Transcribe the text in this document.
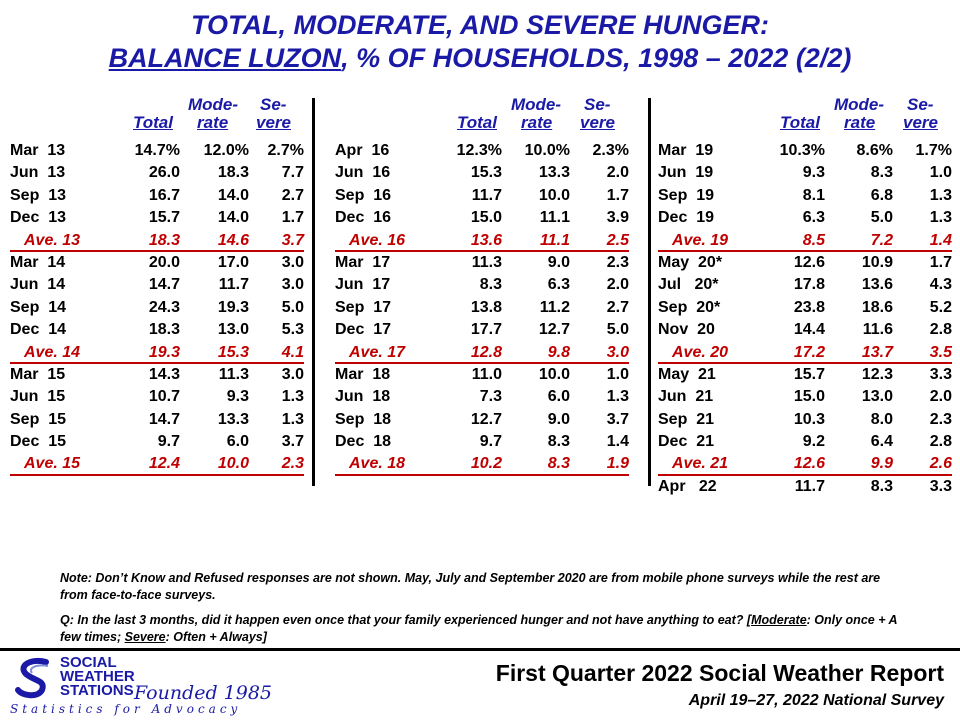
TOTAL, MODERATE, AND SEVERE HUNGER:
BALANCE LUZON, % OF HOUSEHOLDS, 1998 – 2022 (2/2)
Total
Mode-
rate
Se-
vere
Mar  13	14.7% 12.0% 2.7%
Jun  13	26.0 18.3 7.7
Sep  13	16.7 14.0 2.7
Dec  13	15.7 14.0 1.7
Ave. 13	18.3 14.6 3.7
Mar  14	20.0 17.0 3.0
Jun  14	14.7 11.7 3.0
Sep  14	24.3 19.3 5.0
Dec  14	18.3 13.0 5.3
Ave. 14	19.3 15.3 4.1
Mar  15	14.3 11.3 3.0
Jun  15	10.7	9.3 1.3
Sep  15	14.7 13.3 1.3
Dec  15	9.7	6.0 3.7
Ave. 15	12.4 10.0 2.3
Total
Mode-
rate
Se-
vere
Apr  16	12.3% 10.0% 2.3%
Jun  16	15.3 13.3 2.0
Sep  16	11.7 10.0 1.7
Dec  16	15.0 11.1 3.9
Ave. 16	13.6 11.1 2.5
Mar  17	11.3	9.0 2.3
Jun  17	8.3	6.3 2.0
Sep  17	13.8 11.2 2.7
Dec  17	17.7 12.7 5.0
Ave. 17	12.8	9.8 3.0
Mar  18	11.0 10.0 1.0
Jun  18	7.3	6.0 1.3
Sep  18	12.7	9.0 3.7
Dec  18	9.7	8.3 1.4
Ave. 18	10.2	8.3 1.9
Total
Mode-
rate
Se-
vere
Mar  19	10.3% 8.6% 1.7%
Jun  19	9.3	8.3 1.0
Sep  19	8.1	6.8 1.3
Dec  19	6.3	5.0 1.3
Ave. 19	8.5	7.2 1.4
May  20*	12.6 10.9 1.7
Jul   20*	17.8 13.6 4.3
Sep  20*	23.8 18.6 5.2
Nov  20	14.4 11.6 2.8
Ave. 20	17.2 13.7 3.5
May  21	15.7 12.3 3.3
Jun  21	15.0 13.0 2.0
Sep  21	10.3	8.0 2.3
Dec  21	9.2	6.4 2.8
Ave. 21	12.6	9.9 2.6
Apr   22	11.7	8.3 3.3
Note: Don’t Know and Refused responses are not shown. May, July and September 2020 are from mobile phone surveys while the rest are from face-to-face surveys.
Q: In the last 3 months, did it happen even once that your family experienced hunger and not have anything to eat? [Moderate: Only once + A few times; Severe: Often + Always]
SOCIAL
WEATHER
STATIONS Founded 1985
Statistics for Advocacy
First Quarter 2022 Social Weather Report
April 19–27, 2022 National Survey
